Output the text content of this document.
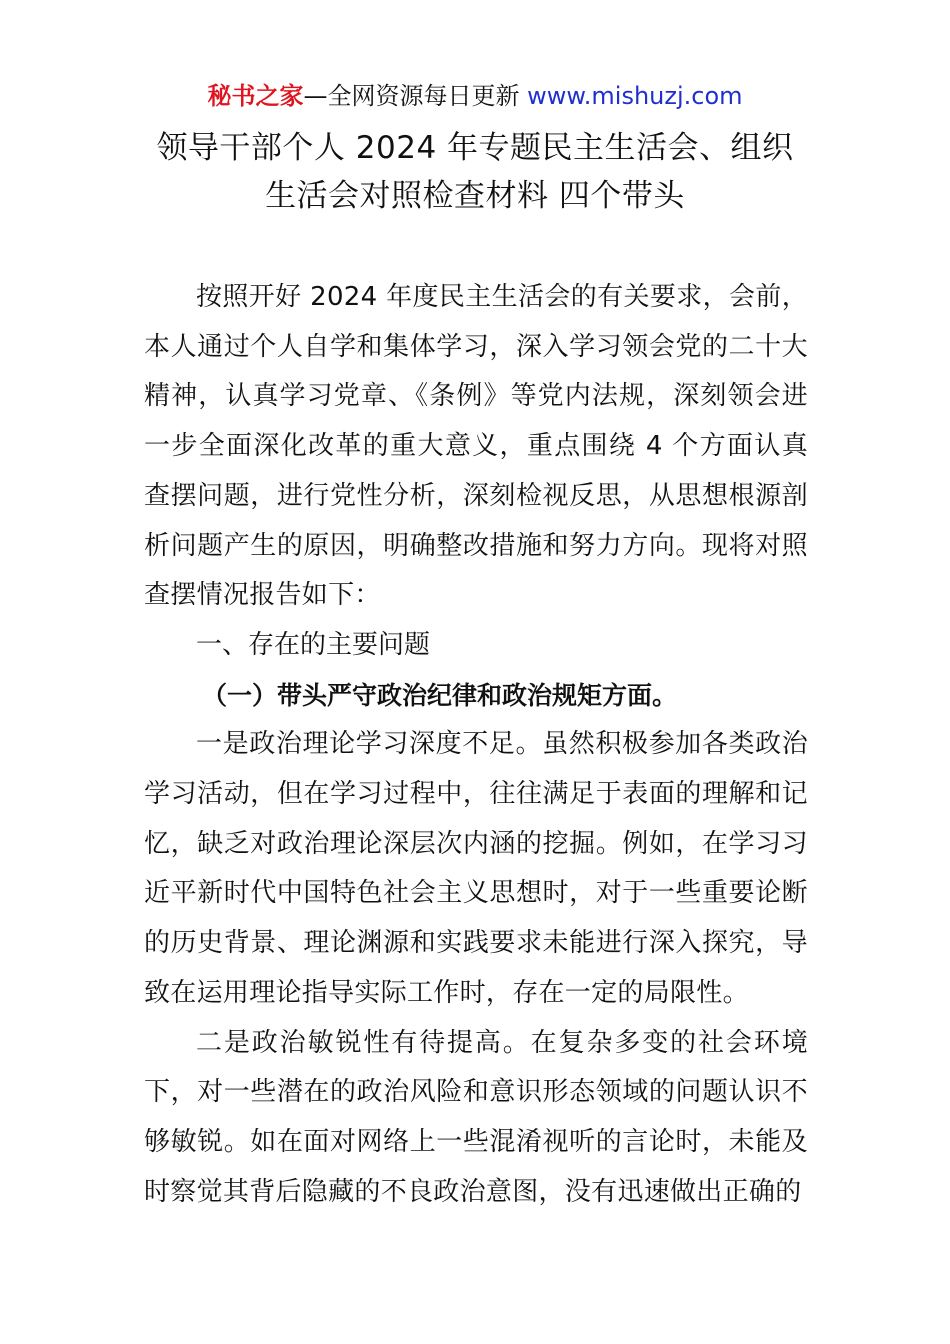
秘书之家—全网资源每日更新 www.mishuzj.com
领导干部个人 2024 年专题民主生活会、组织
生活会对照检查材料 四个带头

按照开好 2024 年度民主生活会的有关要求，会前，本人通过个人自学和集体学习，深入学习领会党的二十大精神，认真学习党章、《条例》等党内法规，深刻领会进一步全面深化改革的重大意义，重点围绕 4 个方面认真查摆问题，进行党性分析，深刻检视反思，从思想根源剖析问题产生的原因，明确整改措施和努力方向。现将对照查摆情况报告如下：

一、存在的主要问题

（一）带头严守政治纪律和政治规矩方面。

一是政治理论学习深度不足。虽然积极参加各类政治学习活动，但在学习过程中，往往满足于表面的理解和记忆，缺乏对政治理论深层次内涵的挖掘。例如，在学习习近平新时代中国特色社会主义思想时，对于一些重要论断的历史背景、理论渊源和实践要求未能进行深入探究，导致在运用理论指导实际工作时，存在一定的局限性。

二是政治敏锐性有待提高。在复杂多变的社会环境下，对一些潜在的政治风险和意识形态领域的问题认识不够敏锐。如在面对网络上一些混淆视听的言论时，未能及时察觉其背后隐藏的不良政治意图，没有迅速做出正确的
